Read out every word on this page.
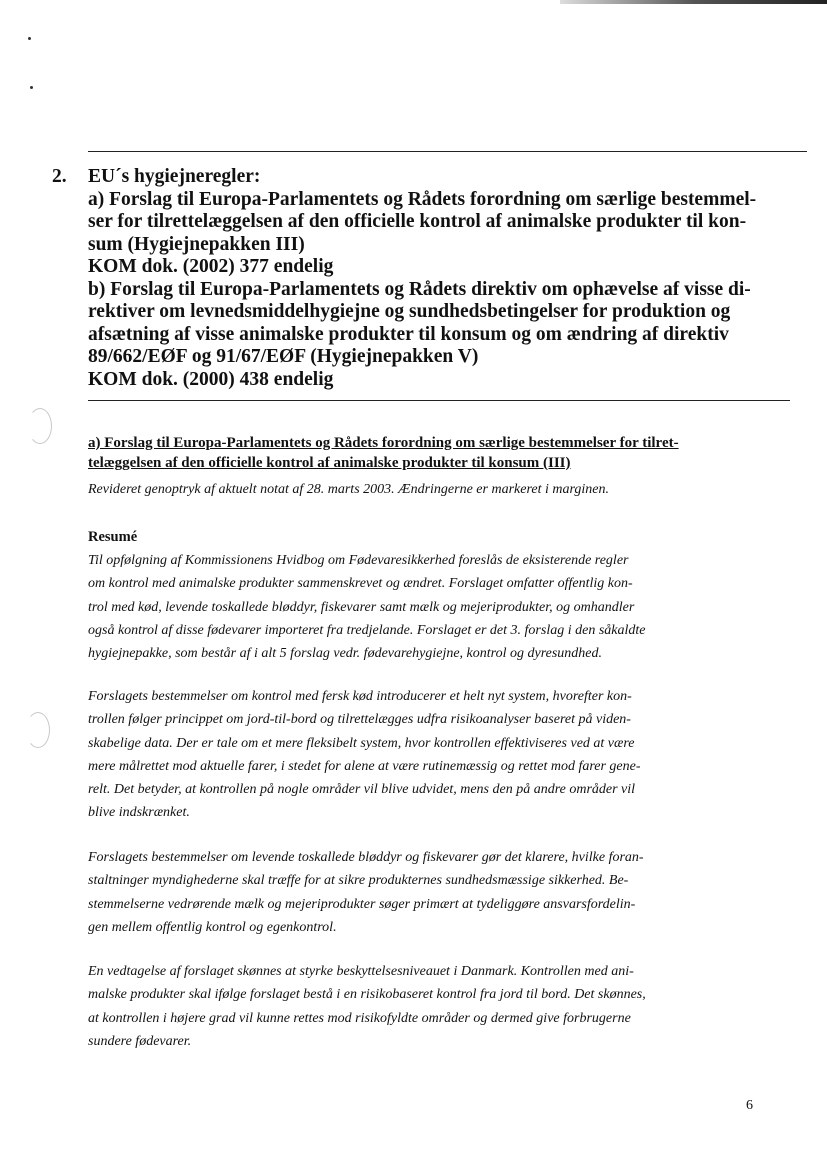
2. EU´s hygiejneregler:
a) Forslag til Europa-Parlamentets og Rådets forordning om særlige bestemmel-
ser for tilrettelæggelsen af den officielle kontrol af animalske produkter til kon-
sum (Hygiejnepakken III)
KOM dok. (2002) 377 endelig
b) Forslag til Europa-Parlamentets og Rådets direktiv om ophævelse af visse di-
rektiver om levnedsmiddelhygiejne og sundhedsbetingelser for produktion og
afsætning af visse animalske produkter til konsum og om ændring af direktiv
89/662/EØF og 91/67/EØF (Hygiejnepakken V)
KOM dok. (2000) 438 endelig
a) Forslag til Europa-Parlamentets og Rådets forordning om særlige bestemmelser for tilret-
telæggelsen af den officielle kontrol af animalske produkter til konsum (III)
Revideret genoptryk af aktuelt notat af 28. marts 2003. Ændringerne er markeret i marginen.
Resumé
Til opfølgning af Kommissionens Hvidbog om Fødevaresikkerhed foreslås de eksisterende regler
om kontrol med animalske produkter sammenskrevet og ændret. Forslaget omfatter offentlig kon-
trol med kød, levende toskallede bløddyr, fiskevarer samt mælk og mejeriprodukter, og omhandler
også kontrol af disse fødevarer importeret fra tredjelande. Forslaget er det 3. forslag i den såkaldte
hygiejnepakke, som består af i alt 5 forslag vedr. fødevarehygiejne, kontrol og dyresundhed.
Forslagets bestemmelser om kontrol med fersk kød introducerer et helt nyt system, hvorefter kon-
trollen følger princippet om jord-til-bord og tilrettelægges udfra risikoanalyser baseret på viden-
skabelige data. Der er tale om et mere fleksibelt system, hvor kontrollen effektiviseres ved at være
mere målrettet mod aktuelle farer, i stedet for alene at være rutinemæssig og rettet mod farer gene-
relt. Det betyder, at kontrollen på nogle områder vil blive udvidet, mens den på andre områder vil
blive indskrænket.
Forslagets bestemmelser om levende toskallede bløddyr og fiskevarer gør det klarere, hvilke foran-
staltninger myndighederne skal træffe for at sikre produkternes sundhedsmæssige sikkerhed. Be-
stemmelserne vedrørende mælk og mejeriprodukter søger primært at tydeliggøre ansvarsfordelin-
gen mellem offentlig kontrol og egenkontrol.
En vedtagelse af forslaget skønnes at styrke beskyttelsesniveauet i Danmark. Kontrollen med ani-
malske produkter skal ifølge forslaget bestå i en risikobaseret kontrol fra jord til bord. Det skønnes,
at kontrollen i højere grad vil kunne rettes mod risikofyldte områder og dermed give forbrugerne
sundere fødevarer.
6
